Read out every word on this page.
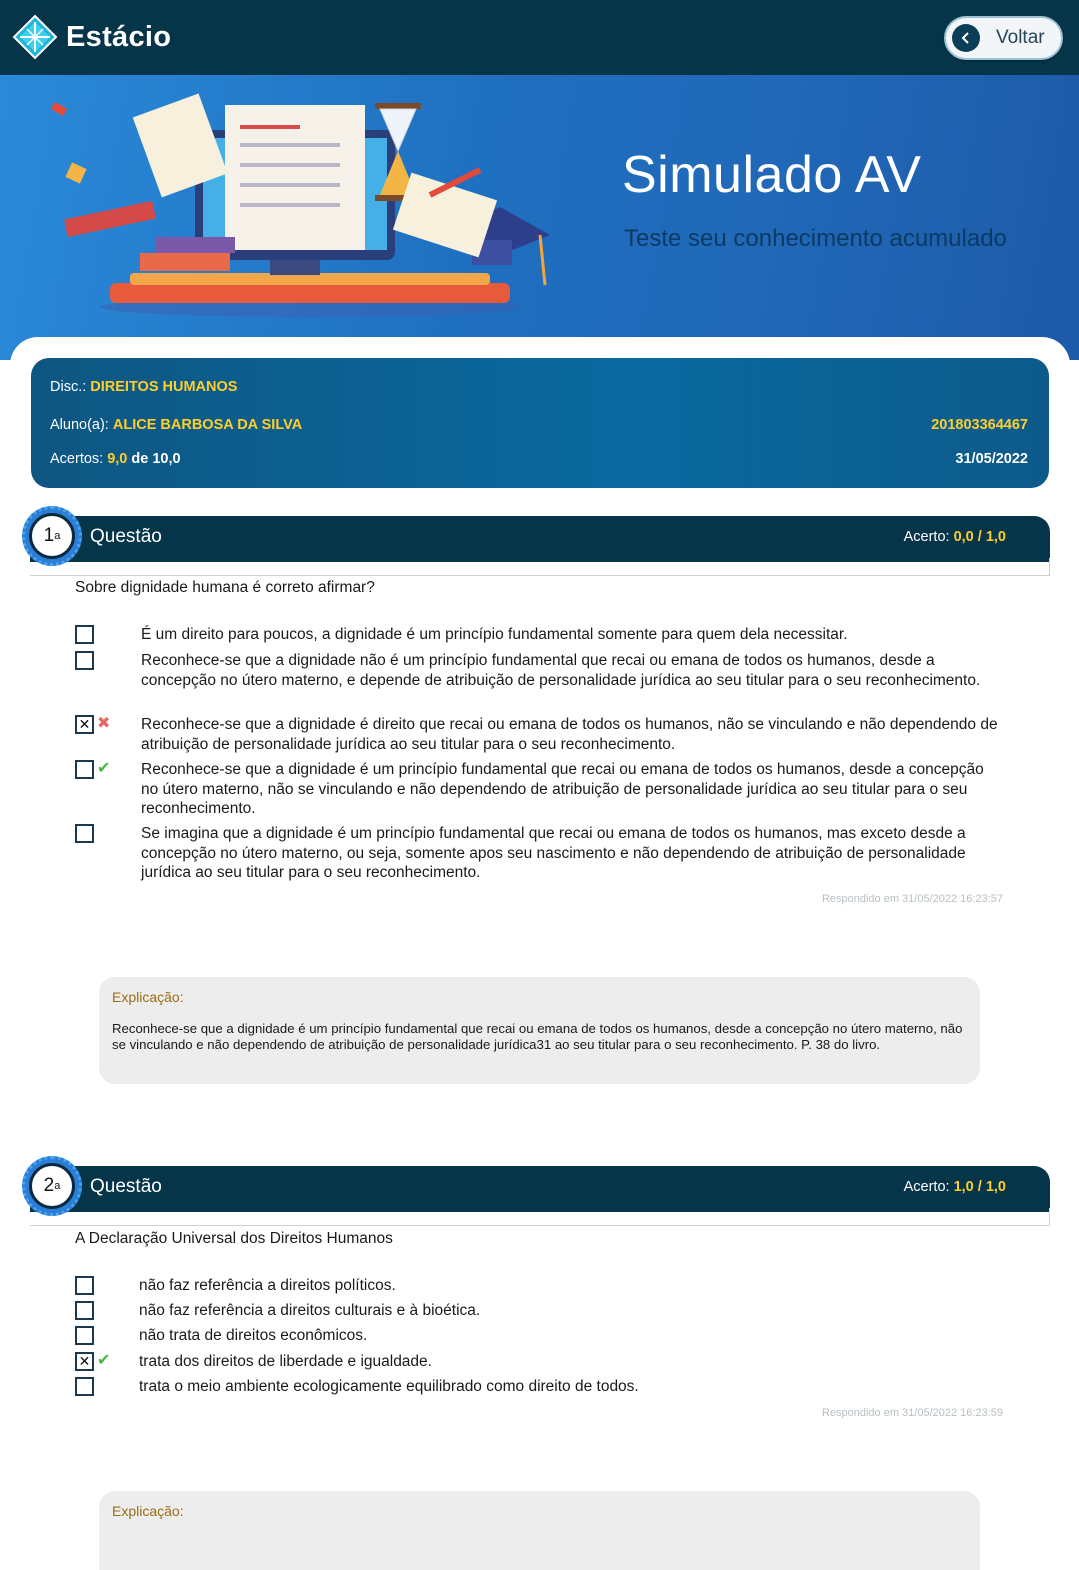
Estácio	Voltar
Simulado AV
Teste seu conhecimento acumulado
Disc.: DIREITOS HUMANOS
Aluno(a): ALICE BARBOSA DA SILVA	201803364467
Acertos: 9,0 de 10,0	31/05/2022
Questão	Acerto: 0,0 / 1,0
1 a
Sobre dignidade humana é correto afirmar?
É um direito para poucos, a dignidade é um princípio fundamental somente para quem dela necessitar.
Reconhece-se que a dignidade não é um princípio fundamental que recai ou emana de todos os humanos, desde a concepção no útero materno, e depende de atribuição de personalidade jurídica ao seu titular para o seu reconhecimento.
✕ ✖ Reconhece-se que a dignidade é direito que recai ou emana de todos os humanos, não se vinculando e não dependendo de atribuição de personalidade jurídica ao seu titular para o seu reconhecimento.
✔ Reconhece-se que a dignidade é um princípio fundamental que recai ou emana de todos os humanos, desde a concepção no útero materno, não se vinculando e não dependendo de atribuição de personalidade jurídica ao seu titular para o seu reconhecimento.
Se imagina que a dignidade é um princípio fundamental que recai ou emana de todos os humanos, mas exceto desde a concepção no útero materno, ou seja, somente apos seu nascimento e não dependendo de atribuição de personalidade jurídica ao seu titular para o seu reconhecimento.
Respondido em 31/05/2022 16:23:57
Explicação:
Reconhece-se que a dignidade é um princípio fundamental que recai ou emana de todos os humanos, desde a concepção no útero materno, não se vinculando e não dependendo de atribuição de personalidade jurídica31 ao seu titular para o seu reconhecimento. P. 38 do livro.
Questão	Acerto: 1,0 / 1,0
2 a
A Declaração Universal dos Direitos Humanos
não faz referência a direitos políticos.
não faz referência a direitos culturais e à bioética.
não trata de direitos econômicos.
✕ ✔ trata dos direitos de liberdade e igualdade.
trata o meio ambiente ecologicamente equilibrado como direito de todos.
Respondido em 31/05/2022 16:23:59
Explicação:
